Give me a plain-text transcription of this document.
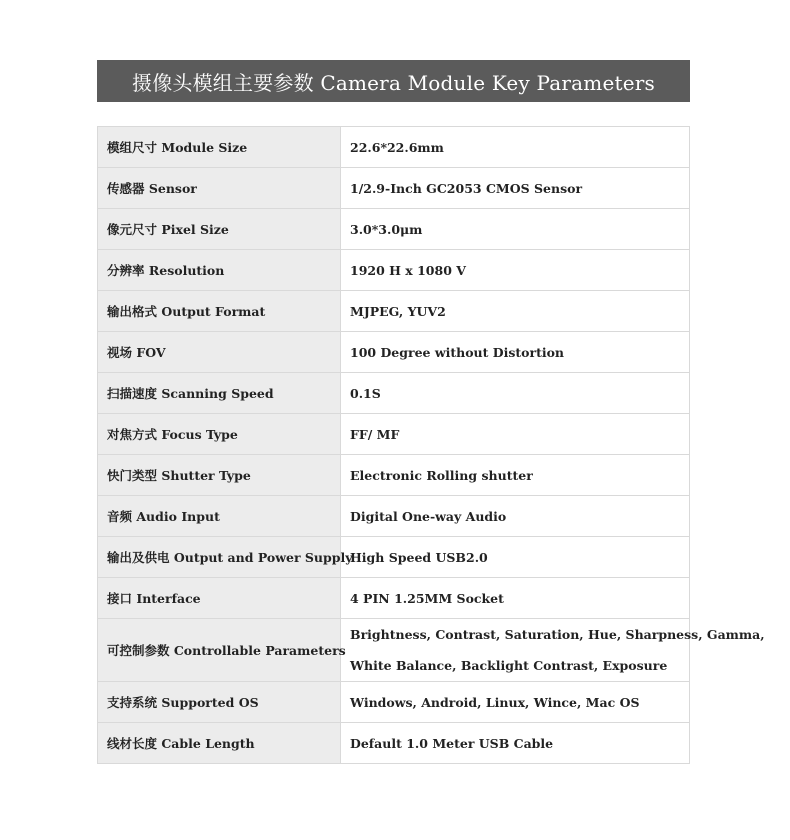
摄像头模组主要参数 Camera Module Key Parameters
模组尺寸 Module Size	22.6*22.6mm
传感器 Sensor	1/2.9-Inch GC2053 CMOS Sensor
像元尺寸 Pixel Size	3.0*3.0μm
分辨率 Resolution	1920 H x 1080 V
输出格式 Output Format	MJPEG, YUV2
视场 FOV	100 Degree without Distortion
扫描速度 Scanning Speed	0.1S
对焦方式 Focus Type	FF/ MF
快门类型 Shutter Type	Electronic Rolling shutter
音频 Audio Input	Digital One-way Audio
输出及供电 Output and Power Supply	High Speed USB2.0
接口 Interface	4 PIN 1.25MM Socket
可控制参数 Controllable Parameters	Brightness, Contrast, Saturation, Hue, Sharpness, Gamma,
White Balance, Backlight Contrast, Exposure

支持系统 Supported OS	Windows, Android, Linux, Wince, Mac OS
线材长度 Cable Length	Default 1.0 Meter USB Cable
